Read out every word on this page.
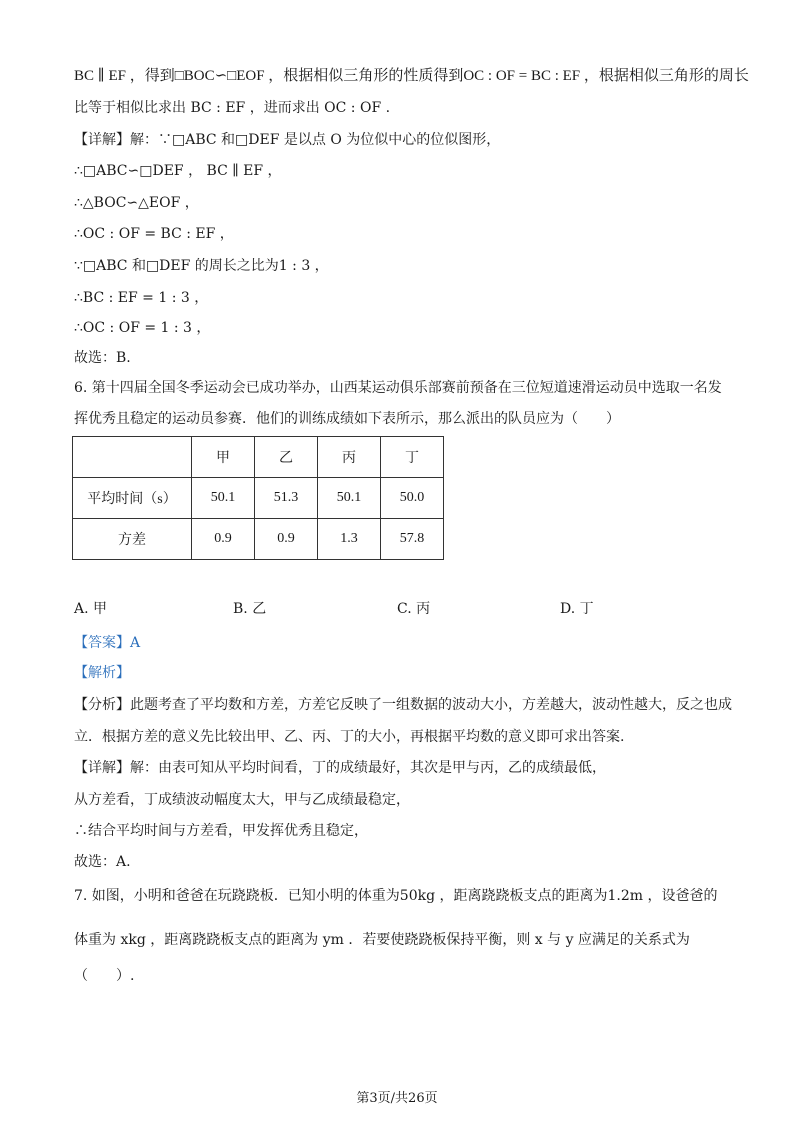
BC ∥ EF ，得到□BOC∽□EOF ，根据相似三角形的性质得到OC : OF = BC : EF ，根据相似三角形的周长
比等于相似比求出 BC : EF ，进而求出 OC : OF .
【详解】解：∵□ABC 和□DEF 是以点 O 为位似中心的位似图形，
∴□ABC∽□DEF ， BC ∥ EF ，
∴△BOC∽△EOF ，
∴OC : OF = BC : EF ，
∵□ABC 和□DEF 的周长之比为1 : 3 ，
∴BC : EF = 1 : 3 ，
∴OC : OF = 1 : 3 ，
故选：B.
6. 第十四届全国冬季运动会已成功举办，山西某运动俱乐部赛前预备在三位短道速滑运动员中选取一名发
挥优秀且稳定的运动员参赛．他们的训练成绩如下表所示，那么派出的队员应为（　　）
	甲	乙	丙	丁
平均时间（s）	50.1	51.3	50.1	50.0
方差	0.9	0.9	1.3	57.8
A. 甲	B. 乙	C. 丙	D. 丁
【答案】A
【解析】
【分析】此题考查了平均数和方差，方差它反映了一组数据的波动大小，方差越大，波动性越大，反之也成
立．根据方差的意义先比较出甲、乙、丙、丁的大小，再根据平均数的意义即可求出答案.
【详解】解：由表可知从平均时间看，丁的成绩最好，其次是甲与丙，乙的成绩最低，
从方差看，丁成绩波动幅度太大，甲与乙成绩最稳定，
∴结合平均时间与方差看，甲发挥优秀且稳定，
故选：A.
7. 如图，小明和爸爸在玩跷跷板．已知小明的体重为50kg ，距离跷跷板支点的距离为1.2m ，设爸爸的
体重为 xkg ，距离跷跷板支点的距离为 ym ．若要使跷跷板保持平衡，则 x 与 y 应满足的关系式为
（　　）.
第3页/共26页
